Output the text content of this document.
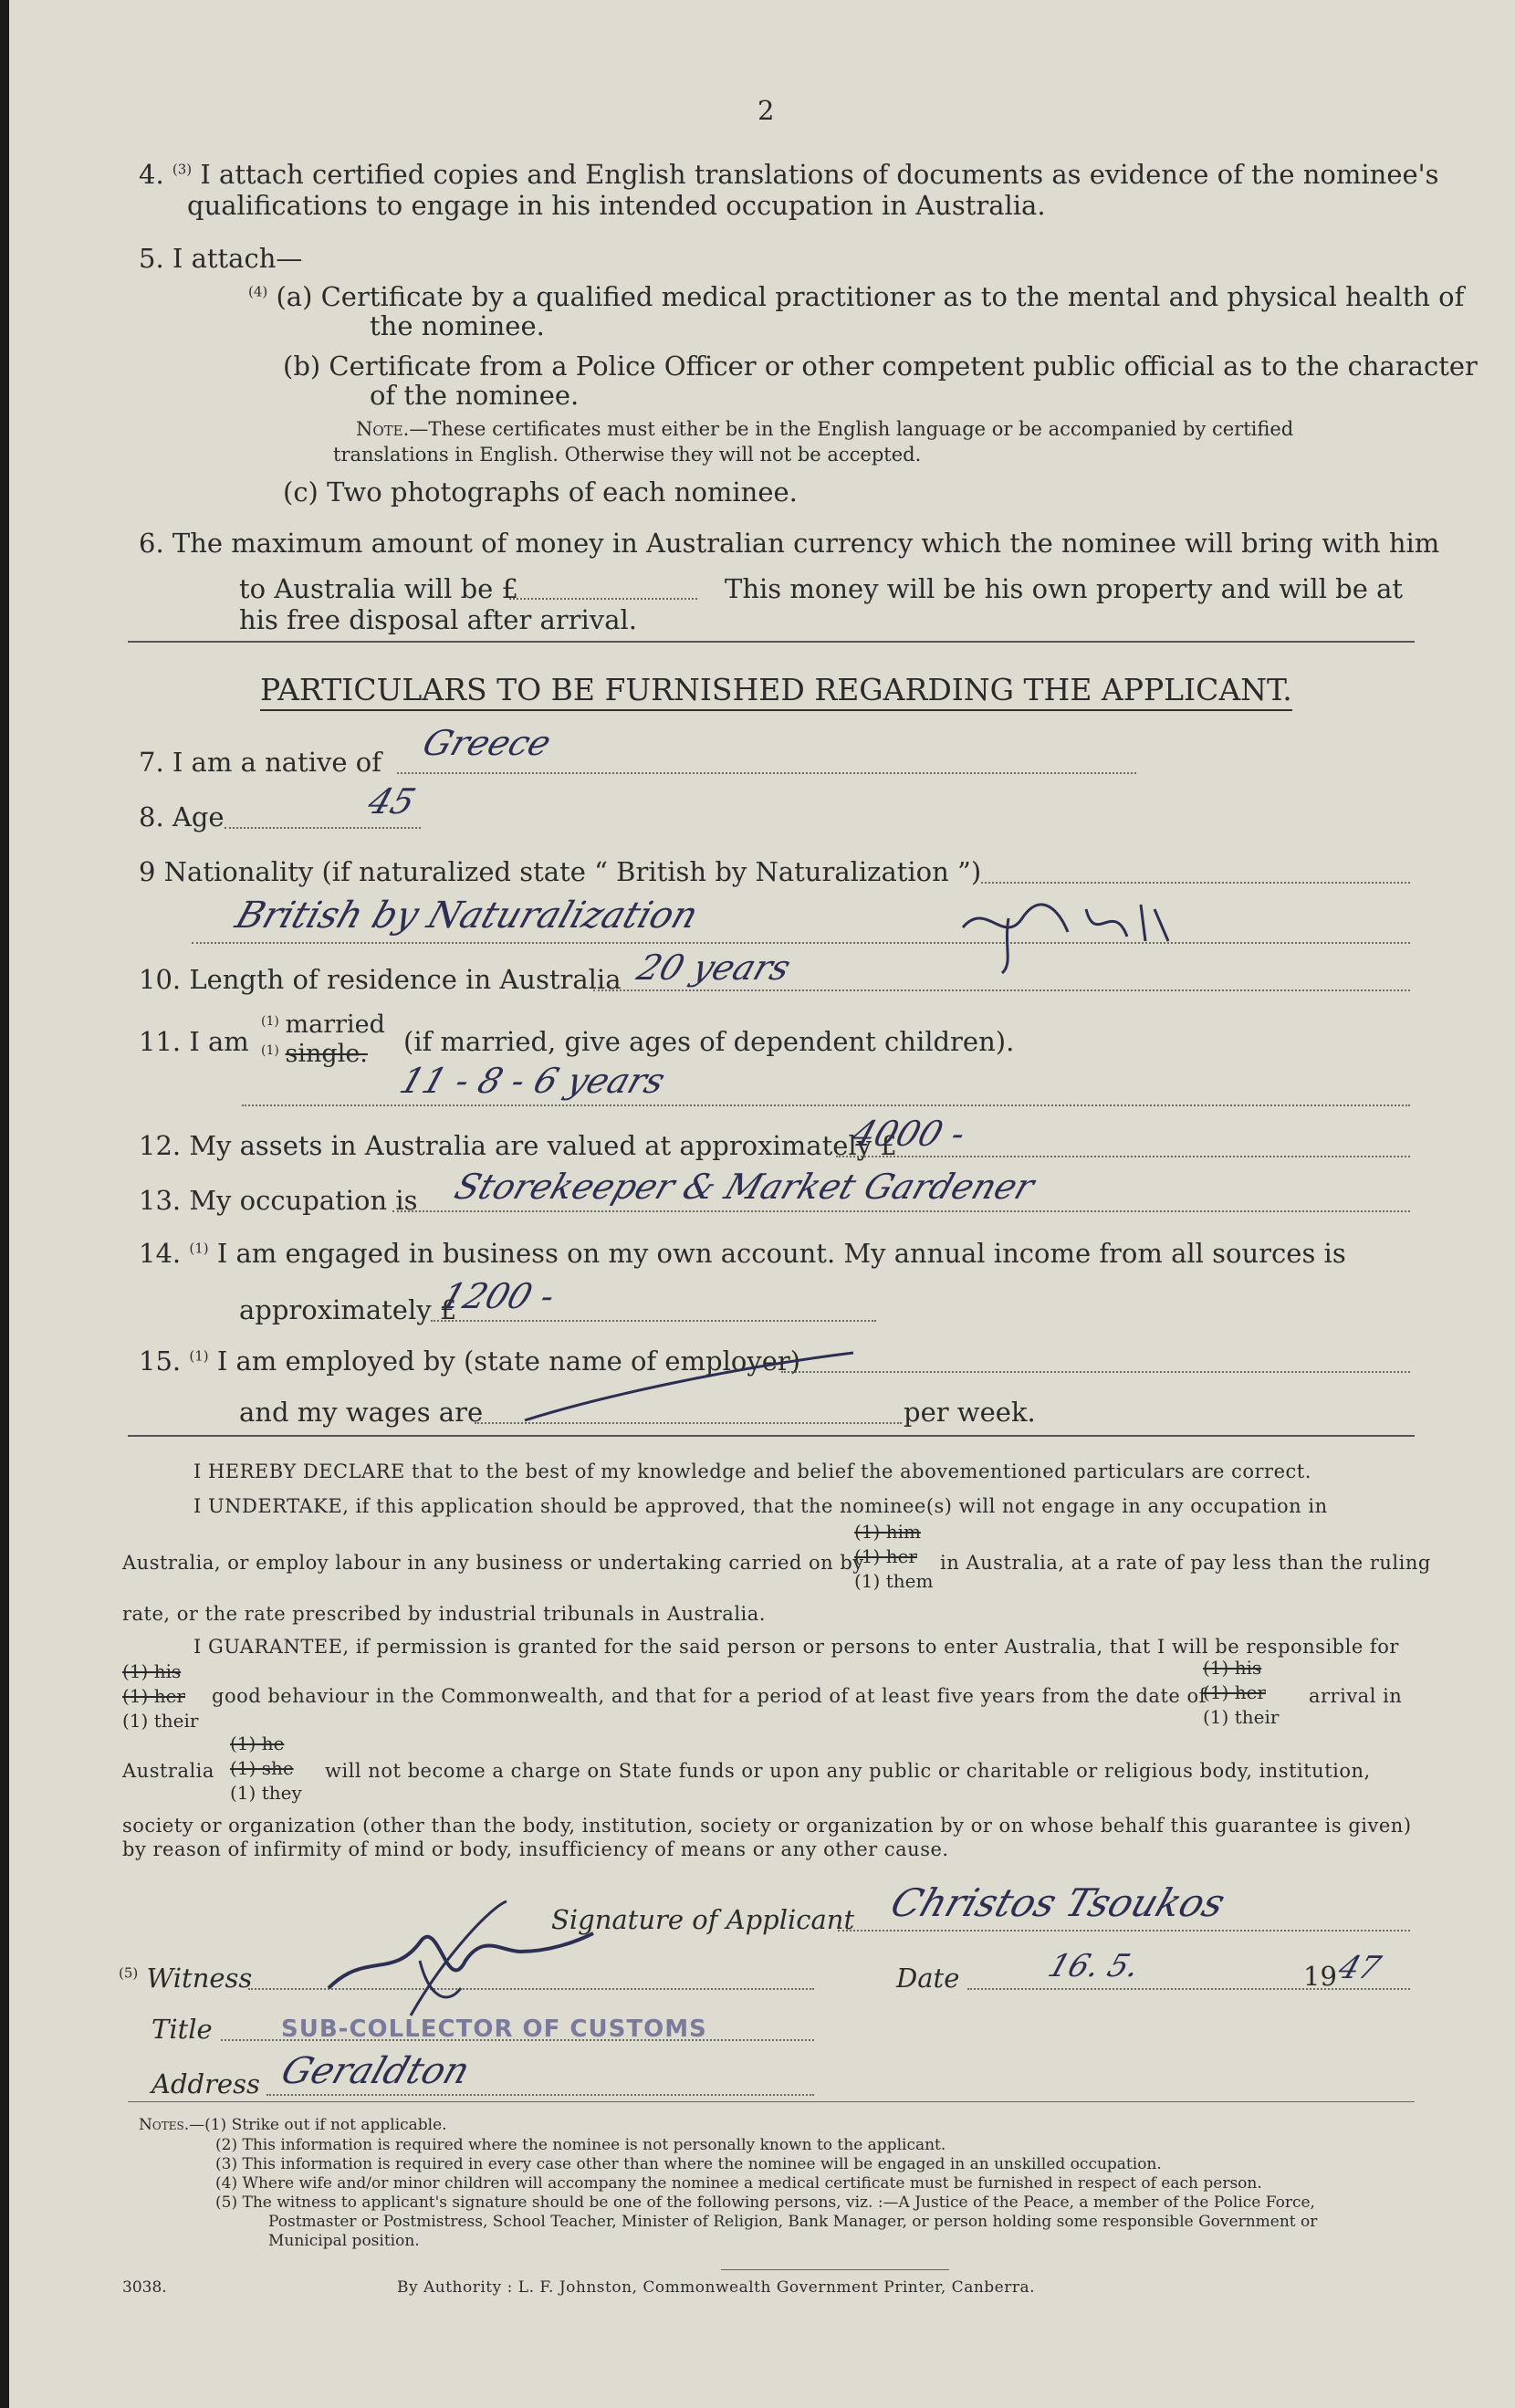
2
4. $^{(3)}$ I attach certified copies and English translations of documents as evidence of the nominee's
qualifications to engage in his intended occupation in Australia.
5. I attach—
$^{(4)}$ (a) Certificate by a qualified medical practitioner as to the mental and physical health of
the nominee.
(b) Certificate from a Police Officer or other competent public official as to the character
of the nominee.
Note.—These certificates must either be in the English language or be accompanied by certified
translations in English. Otherwise they will not be accepted.
(c) Two photographs of each nominee.
6. The maximum amount of money in Australian currency which the nominee will bring with him
to Australia will be £	This money will be his own property and will be at
his free disposal after arrival.
PARTICULARS TO BE FURNISHED REGARDING THE APPLICANT.
7. I am a native of Greece
8. Age	45
9 Nationality (if naturalized state “ British by Naturalization ”)
British by Naturalization
10. Length of residence in Australia 20 years
11. I am
$^{(1)}$ married
$^{(1)}$ single.	(if married, give ages of dependent children).
11 - 8 - 6 years
12. My assets in Australia are valued at approximately £
4000 -
13. My occupation is Storekeeper & Market Gardener
14. $^{(1)}$ I am engaged in business on my own account. My annual income from all sources is
approximately £
1200 -
15. $^{(1)}$ I am employed by (state name of employer)
and my wages are	per week.
I HEREBY DECLARE that to the best of my knowledge and belief the abovementioned particulars are correct.
I UNDERTAKE, if this application should be approved, that the nominee(s) will not engage in any occupation in
Australia, or employ labour in any business or undertaking carried on by
(1) him
(1) her
(1) them
in Australia, at a rate of pay less than the ruling
rate, or the rate prescribed by industrial tribunals in Australia.
I GUARANTEE, if permission is granted for the said person or persons to enter Australia, that I will be responsible for
(1) his
(1) her
(1) their
good behaviour in the Commonwealth, and that for a period of at least five years from the date of
(1) his
(1) her
(1) their
arrival in
Australia
(1) he
(1) she
(1) they
will not become a charge on State funds or upon any public or charitable or religious body, institution,
society or organization (other than the body, institution, society or organization by or on whose behalf this guarantee is given)
by reason of infirmity of mind or body, insufficiency of means or any other cause.
Signature of Applicant Christos Tsoukos
$^{(5)}$ Witness	Date	16. 5.	19
47
Title	SUB-COLLECTOR OF CUSTOMS
Address Geraldton
Notes.—(1) Strike out if not applicable.
(2) This information is required where the nominee is not personally known to the applicant.
(3) This information is required in every case other than where the nominee will be engaged in an unskilled occupation.
(4) Where wife and/or minor children will accompany the nominee a medical certificate must be furnished in respect of each person.
(5) The witness to applicant's signature should be one of the following persons, viz. :—A Justice of the Peace, a member of the Police Force,
Postmaster or Postmistress, School Teacher, Minister of Religion, Bank Manager, or person holding some responsible Government or
Municipal position.
3038.	By Authority : L. F. Johnston, Commonwealth Government Printer, Canberra.
